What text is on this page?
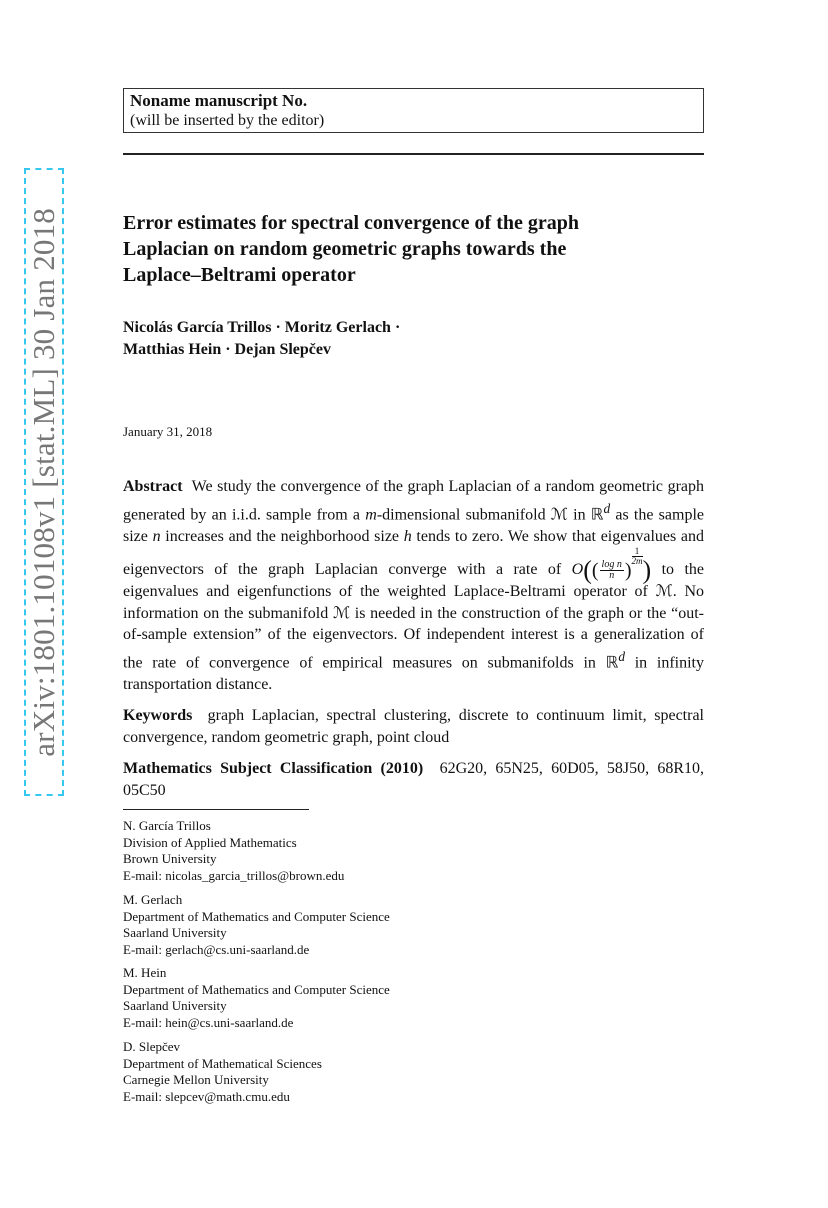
arXiv:1801.10108v1 [stat.ML] 30 Jan 2018
Noname manuscript No.
(will be inserted by the editor)
Error estimates for spectral convergence of the graph
Laplacian on random geometric graphs towards the
Laplace–Beltrami operator
Nicolás García Trillos · Moritz Gerlach ·
Matthias Hein · Dejan Slepčev
January 31, 2018
Abstract We study the convergence of the graph Laplacian of a random geometric graph generated by an i.i.d. sample from a m-dimensional submanifold ℳ in ℝ$^d$ as the sample size n increases and the neighborhood size h tends to zero. We show that eigenvalues and eigenvectors of the graph Laplacian converge with a rate of $O(( \frac{\text{log n}}{n}$ )
$\frac{1}{2m}$) to the eigenvalues and eigenfunctions of the weighted Laplace-Beltrami operator of ℳ. No information on the submanifold ℳ is needed in the construction of the graph or the “out-of-sample extension” of the eigenvectors. Of independent interest is a generalization of the rate of convergence of empirical measures on submanifolds in ℝ$^d$ in infinity transportation distance.
Keywords graph Laplacian, spectral clustering, discrete to continuum limit, spectral convergence, random geometric graph, point cloud
Mathematics Subject Classification (2010) 62G20, 65N25, 60D05, 58J50, 68R10, 05C50
N. García Trillos
Division of Applied Mathematics
Brown University
E-mail: nicolas_garcia_trillos@brown.edu
M. Gerlach
Department of Mathematics and Computer Science
Saarland University
E-mail: gerlach@cs.uni-saarland.de
M. Hein
Department of Mathematics and Computer Science
Saarland University
E-mail: hein@cs.uni-saarland.de
D. Slepčev
Department of Mathematical Sciences
Carnegie Mellon University
E-mail: slepcev@math.cmu.edu
